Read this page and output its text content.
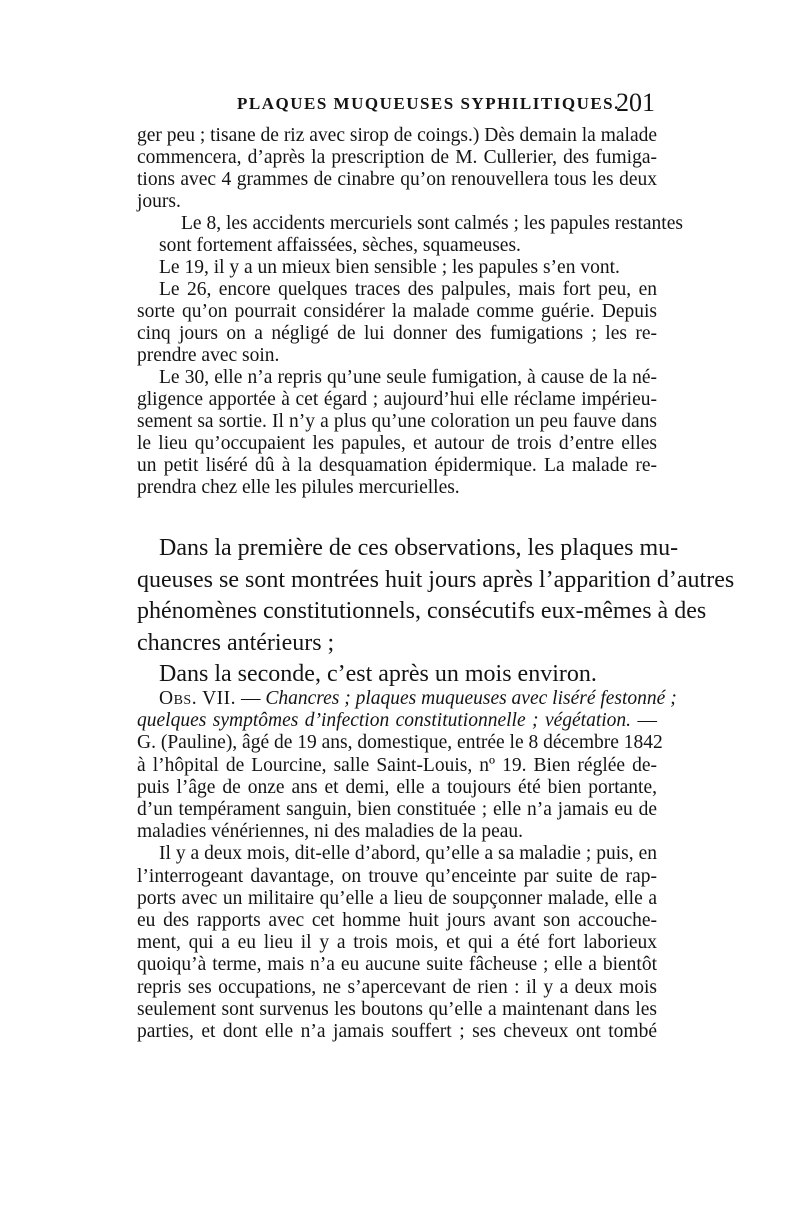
PLAQUES MUQUEUSES SYPHILITIQUES.
201
ger peu ; tisane de riz avec sirop de coings.) Dès demain la malade
commencera, d’après la prescription de M. Cullerier, des fumiga-
tions avec 4 grammes de cinabre qu’on renouvellera tous les deux
jours.
Le 8, les accidents mercuriels sont calmés ; les papules restantes
sont fortement affaissées, sèches, squameuses.
Le 19, il y a un mieux bien sensible ; les papules s’en vont.
Le 26, encore quelques traces des palpules, mais fort peu, en
sorte qu’on pourrait considérer la malade comme guérie. Depuis
cinq jours on a négligé de lui donner des fumigations ; les re-
prendre avec soin.
Le 30, elle n’a repris qu’une seule fumigation, à cause de la né-
gligence apportée à cet égard ; aujourd’hui elle réclame impérieu-
sement sa sortie. Il n’y a plus qu’une coloration un peu fauve dans
le lieu qu’occupaient les papules, et autour de trois d’entre elles
un petit liséré dû à la desquamation épidermique. La malade re-
prendra chez elle les pilules mercurielles.
Dans la première de ces observations, les plaques mu-
queuses se sont montrées huit jours après l’apparition d’autres
phénomènes constitutionnels, consécutifs eux-mêmes à des
chancres antérieurs ;
Dans la seconde, c’est après un mois environ.
Obs. VII. — Chancres ; plaques muqueuses avec liséré festonné ;
quelques symptômes d’infection constitutionnelle ; végétation. —
G. (Pauline), âgé de 19 ans, domestique, entrée le 8 décembre 1842
à l’hôpital de Lourcine, salle Saint-Louis, nº 19. Bien réglée de-
puis l’âge de onze ans et demi, elle a toujours été bien portante,
d’un tempérament sanguin, bien constituée ; elle n’a jamais eu de
maladies vénériennes, ni des maladies de la peau.
Il y a deux mois, dit-elle d’abord, qu’elle a sa maladie ; puis, en
l’interrogeant davantage, on trouve qu’enceinte par suite de rap-
ports avec un militaire qu’elle a lieu de soupçonner malade, elle a
eu des rapports avec cet homme huit jours avant son accouche-
ment, qui a eu lieu il y a trois mois, et qui a été fort laborieux
quoiqu’à terme, mais n’a eu aucune suite fâcheuse ; elle a bientôt
repris ses occupations, ne s’apercevant de rien : il y a deux mois
seulement sont survenus les boutons qu’elle a maintenant dans les
parties, et dont elle n’a jamais souffert ; ses cheveux ont tombé
